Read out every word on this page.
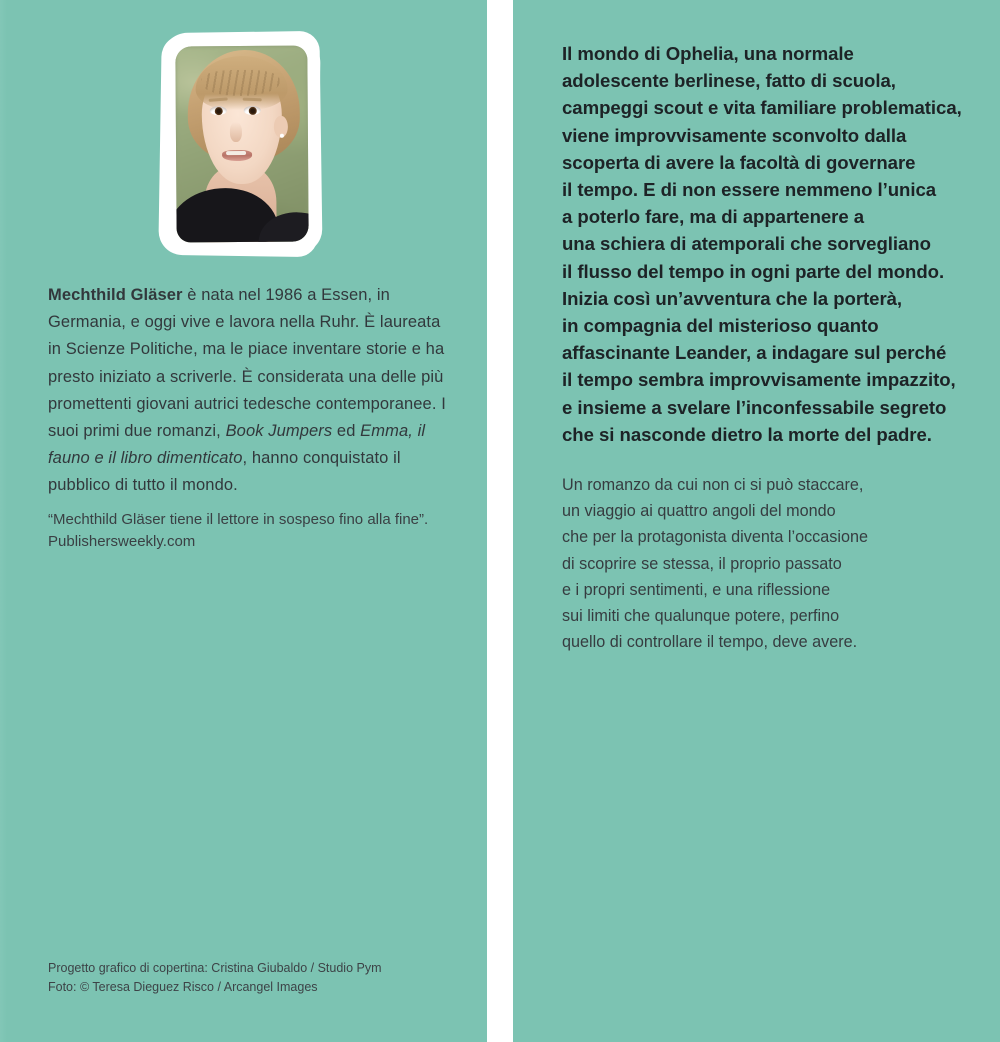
Mechthild Gläser è nata nel 1986 a Essen, in Germania, e oggi vive e lavora nella Ruhr. È laureata in Scienze Politiche, ma le piace inventare storie e ha presto iniziato a scriverle. È considerata una delle più promettenti giovani autrici tedesche contemporanee. I suoi primi due romanzi, Book Jumpers ed Emma, il fauno e il libro dimenticato, hanno conquistato il pubblico di tutto il mondo.
“Mechthild Gläser tiene il lettore in sospeso fino alla fine”.
Publishersweekly.com
Progetto grafico di copertina: Cristina Giubaldo / Studio Pym
Foto: © Teresa Dieguez Risco / Arcangel Images
Il mondo di Ophelia, una normale
adolescente berlinese, fatto di scuola,
campeggi scout e vita familiare problematica,
viene improvvisamente sconvolto dalla
scoperta di avere la facoltà di governare
il tempo. E di non essere nemmeno l’unica
a poterlo fare, ma di appartenere a
una schiera di atemporali che sorvegliano
il flusso del tempo in ogni parte del mondo.
Inizia così un’avventura che la porterà,
in compagnia del misterioso quanto
affascinante Leander, a indagare sul perché
il tempo sembra improvvisamente impazzito,
e insieme a svelare l’inconfessabile segreto
che si nasconde dietro la morte del padre.
Un romanzo da cui non ci si può staccare,
un viaggio ai quattro angoli del mondo
che per la protagonista diventa l’occasione
di scoprire se stessa, il proprio passato
e i propri sentimenti, e una riflessione
sui limiti che qualunque potere, perfino
quello di controllare il tempo, deve avere.
